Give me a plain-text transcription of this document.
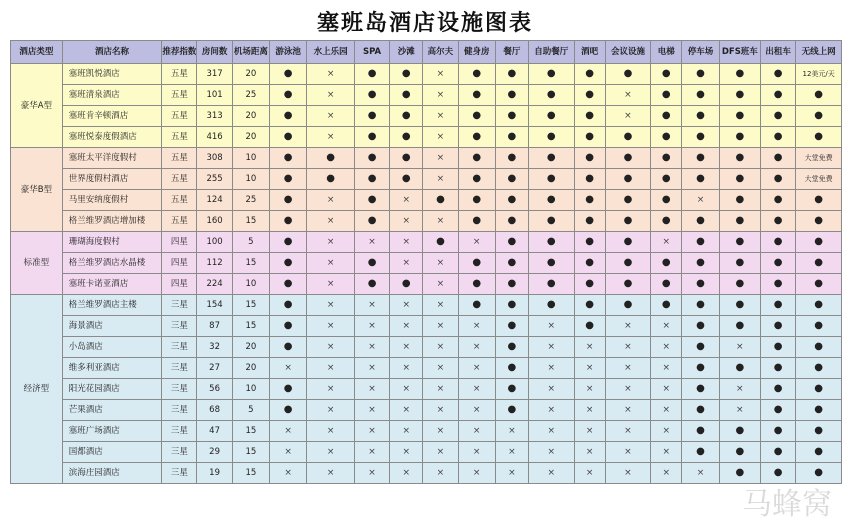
塞班岛酒店设施图表
酒店类型	酒店名称	推荐指数	房间数	机场距离	游泳池	水上乐园	SPA	沙滩	高尔夫	健身房	餐厅	自助餐厅	酒吧	会议设施	电梯	停车场	DFS班车	出租车	无线上网
豪华A型	塞班凯悦酒店	五星	317	20	●	×	●	●	×	●	●	●	●	●	●	●	●	●	12美元/天
	塞班清泉酒店	五星	101	25	●	×	●	●	×	●	●	●	●	×	●	●	●	●	●
	塞班肯辛顿酒店	五星	313	20	●	×	●	●	×	●	●	●	●	×	●	●	●	●	●
	塞班悦泰度假酒店	五星	416	20	●	×	●	●	×	●	●	●	●	●	●	●	●	●	●
豪华B型	塞班太平洋度假村	五星	308	10	●	●	●	●	×	●	●	●	●	●	●	●	●	●	大堂免费
	世界度假村酒店	五星	255	10	●	●	●	●	×	●	●	●	●	●	●	●	●	●	大堂免费
	马里安纳度假村	五星	124	25	●	×	●	×	●	●	●	●	●	●	●	×	●	●	●
	格兰维罗酒店增加楼	五星	160	15	●	×	●	×	×	●	●	●	●	●	●	●	●	●	●
标准型	珊瑚海度假村	四星	100	5	●	×	×	×	●	×	●	●	●	●	×	●	●	●	●
	格兰维罗酒店水晶楼	四星	112	15	●	×	●	×	×	●	●	●	●	●	●	●	●	●	●
	塞班卡诺亚酒店	四星	224	10	●	×	●	●	×	●	●	●	●	●	●	●	●	●	●
经济型	格兰维罗酒店主楼	三星	154	15	●	×	×	×	×	●	●	●	●	●	●	●	●	●	●
	海景酒店	三星	87	15	●	×	×	×	×	×	●	×	●	×	×	●	●	●	●
	小岛酒店	三星	32	20	●	×	×	×	×	×	●	×	×	×	×	●	×	●	●
	维多利亚酒店	三星	27	20	×	×	×	×	×	×	●	×	×	×	×	●	●	●	●
	阳光花园酒店	三星	56	10	●	×	×	×	×	×	●	×	×	×	×	●	×	●	●
	芒果酒店	三星	68	5	●	×	×	×	×	×	●	×	×	×	×	●	×	●	●
	塞班广场酒店	三星	47	15	×	×	×	×	×	×	×	×	×	×	×	●	●	●	●
	国都酒店	三星	29	15	×	×	×	×	×	×	×	×	×	×	×	●	●	●	●
	滨海庄园酒店	三星	19	15	×	×	×	×	×	×	×	×	×	×	×	×	●	●	●
马蜂窝
